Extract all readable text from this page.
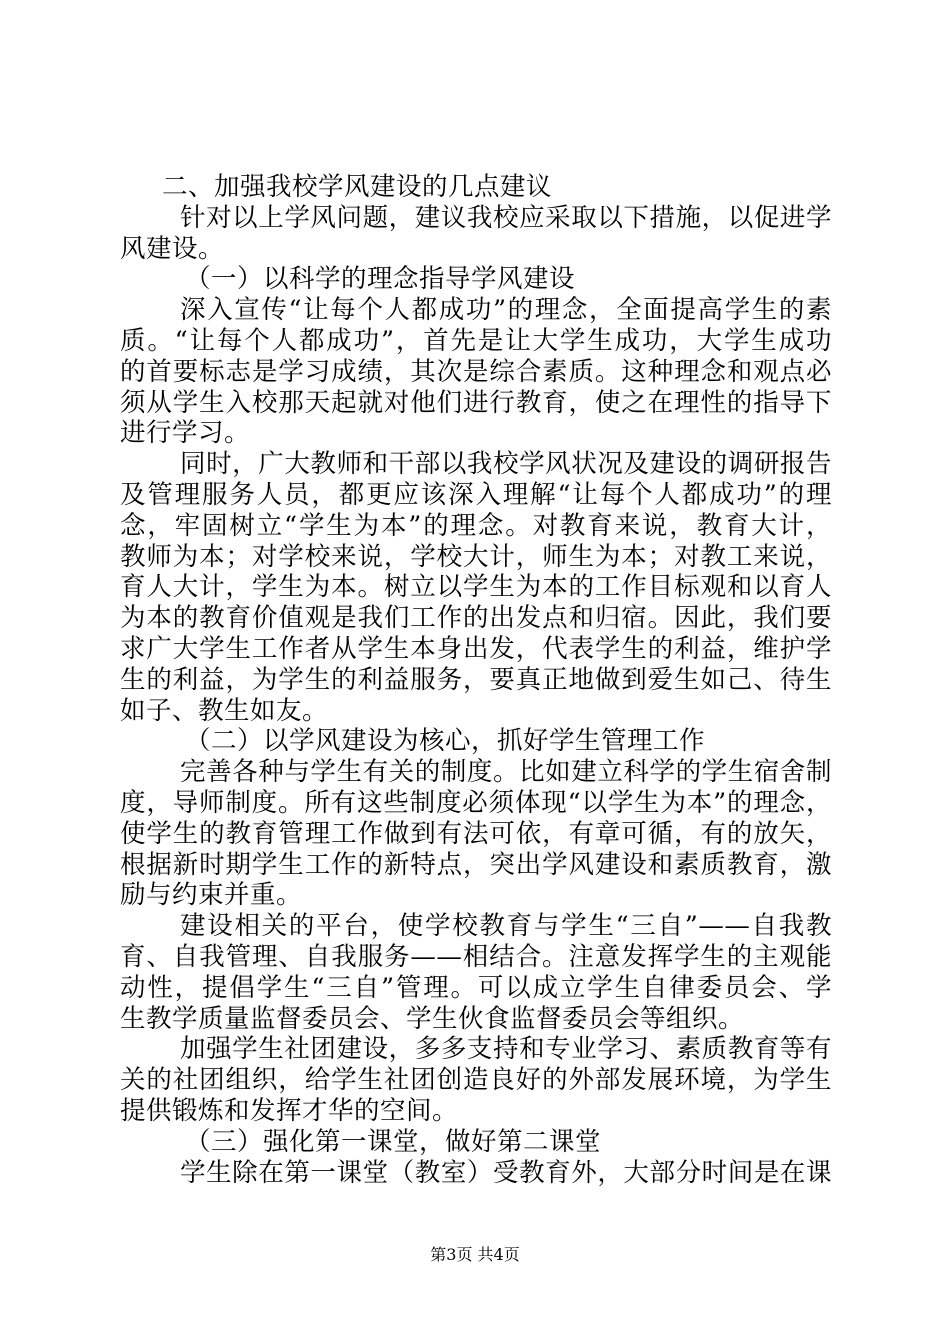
二、加强我校学风建设的几点建议
针对以上学风问题，建议我校应采取以下措施，以促进学
风建设。
（一）以科学的理念指导学风建设
深入宣传“让每个人都成功”的理念，全面提高学生的素
质。“让每个人都成功”，首先是让大学生成功，大学生成功
的首要标志是学习成绩，其次是综合素质。这种理念和观点必
须从学生入校那天起就对他们进行教育，使之在理性的指导下
进行学习。
同时，广大教师和干部以我校学风状况及建设的调研报告
及管理服务人员，都更应该深入理解“让每个人都成功”的理
念，牢固树立“学生为本”的理念。对教育来说，教育大计，
教师为本；对学校来说，学校大计，师生为本；对教工来说，
育人大计，学生为本。树立以学生为本的工作目标观和以育人
为本的教育价值观是我们工作的出发点和归宿。因此，我们要
求广大学生工作者从学生本身出发，代表学生的利益，维护学
生的利益，为学生的利益服务，要真正地做到爱生如己、待生
如子、教生如友。
（二）以学风建设为核心，抓好学生管理工作
完善各种与学生有关的制度。比如建立科学的学生宿舍制
度，导师制度。所有这些制度必须体现“以学生为本”的理念，
使学生的教育管理工作做到有法可依，有章可循，有的放矢，
根据新时期学生工作的新特点，突出学风建设和素质教育，激
励与约束并重。
建设相关的平台，使学校教育与学生“三自”——自我教
育、自我管理、自我服务——相结合。注意发挥学生的主观能
动性，提倡学生“三自”管理。可以成立学生自律委员会、学
生教学质量监督委员会、学生伙食监督委员会等组织。
加强学生社团建设，多多支持和专业学习、素质教育等有
关的社团组织，给学生社团创造良好的外部发展环境，为学生
提供锻炼和发挥才华的空间。
（三）强化第一课堂，做好第二课堂
学生除在第一课堂（教室）受教育外，大部分时间是在课
第3页 共4页
